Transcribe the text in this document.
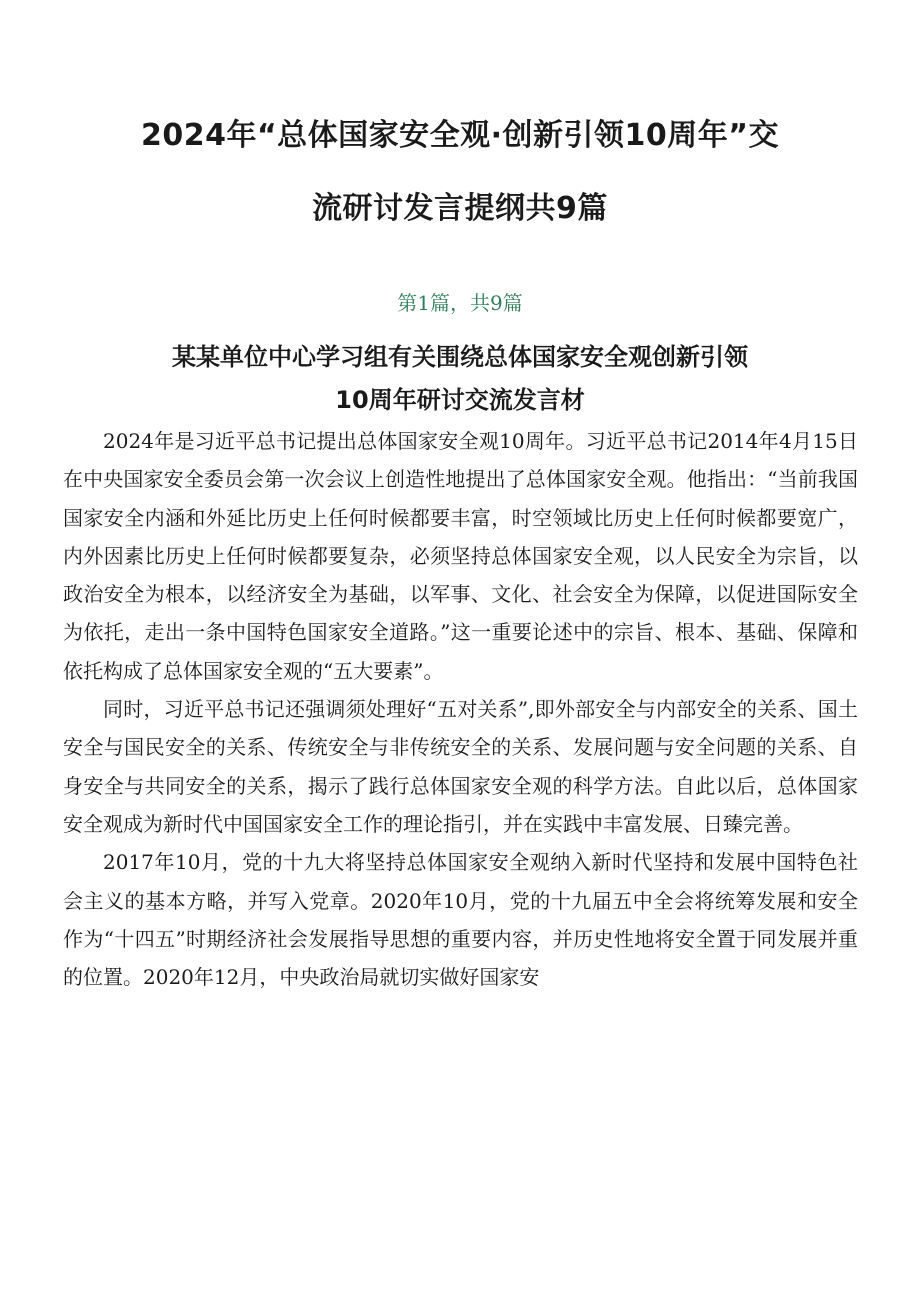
2024年“总体国家安全观·创新引领10周年”交
流研讨发言提纲共9篇
第1篇，共9篇
某某单位中心学习组有关围绕总体国家安全观创新引领
10周年研讨交流发言材

2024年是习近平总书记提出总体国家安全观10周年。习近平总书记2014年4月15日在中央国家安全委员会第一次会议上创造性地提出了总体国家安全观。他指出：“当前我国国家安全内涵和外延比历史上任何时候都要丰富，时空领域比历史上任何时候都要宽广，内外因素比历史上任何时候都要复杂，必须坚持总体国家安全观，以人民安全为宗旨，以政治安全为根本，以经济安全为基础，以军事、文化、社会安全为保障，以促进国际安全为依托，走出一条中国特色国家安全道路。”这一重要论述中的宗旨、根本、基础、保障和依托构成了总体国家安全观的“五大要素”。

同时，习近平总书记还强调须处理好“五对关系”,即外部安全与内部安全的关系、国土安全与国民安全的关系、传统安全与非传统安全的关系、发展问题与安全问题的关系、自身安全与共同安全的关系，揭示了践行总体国家安全观的科学方法。自此以后，总体国家安全观成为新时代中国国家安全工作的理论指引，并在实践中丰富发展、日臻完善。

2017年10月，党的十九大将坚持总体国家安全观纳入新时代坚持和发展中国特色社会主义的基本方略，并写入党章。2020年10月，党的十九届五中全会将统筹发展和安全作为“十四五”时期经济社会发展指导思想的重要内容，并历史性地将安全置于同发展并重的位置。2020年12月，中央政治局就切实做好国家安
